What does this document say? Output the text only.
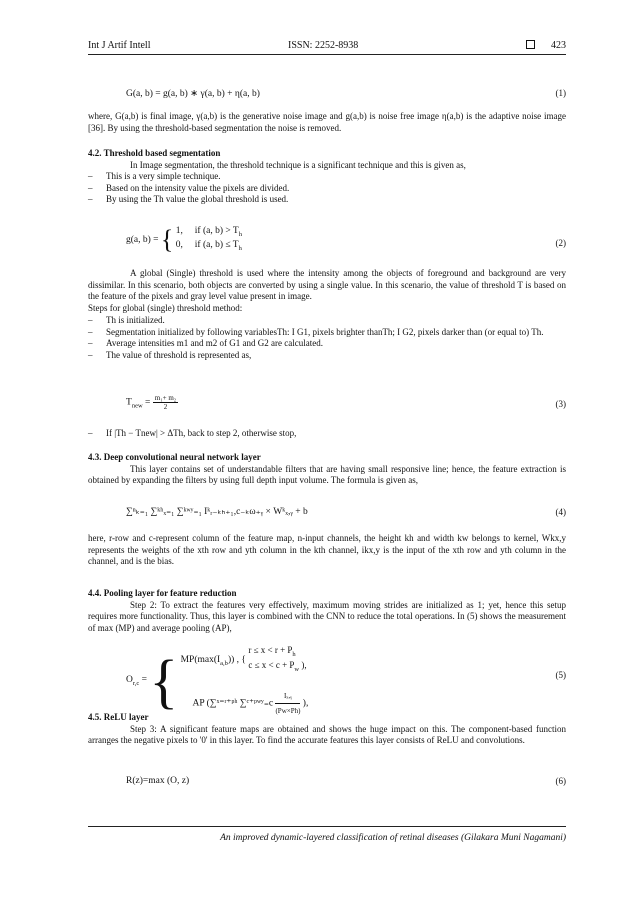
Int J Artif Intell	ISSN: 2252-8938	423
G(a, b) = g(a, b) ∗ γ(a, b) + η(a, b)	(1)
where, G(a,b) is final image, γ(a,b) is the generative noise image and g(a,b) is noise free image η(a,b) is the adaptive noise image [36]. By using the threshold-based segmentation the noise is removed.
4.2. Threshold based segmentation
In Image segmentation, the threshold technique is a significant technique and this is given as,
– This is a very simple technique.
– Based on the intensity value the pixels are divided.
– By using the Th value the global threshold is used.
g(a, b) = { 1, if (a, $b) > T_h$
0, if (a, $b) \le T_h$
(2)
A global (Single) threshold is used where the intensity among the objects of foreground and background are very dissimilar. In this scenario, both objects are converted by using a single value. In this scenario, the value of threshold T is based on the feature of the pixels and gray level value present in image.
Steps for global (single) threshold method:
– Th is initialized.
– Segmentation initialized by following variablesTh: I G1, pixels brighter thanTh; I G2, pixels darker than (or equal to) Th.
– Average intensities m1 and m2 of G1 and G2 are calculated.
– The value of threshold is represented as,
$T_{new} = \frac{\text{m₁+ m₂}}{2}$	(3)
– If |Th − Tnew| > ΔTh, back to step 2, otherwise stop,
4.3. Deep convolutional neural network layer
This layer contains set of understandable filters that are having small responsive line; hence, the feature extraction is obtained by expanding the filters by using full depth input volume. The formula is given as,
∑ⁿₖ₌₁ ∑ᵏʰₓ₌₁ ∑ᵏʷʸ₌₁ Iᵏᵣ₋ₖₕ₊₁,c₋ₖω₊ᵧ × Wᵏₓ,ᵧ + b	(4)
here, r-row and c-represent column of the feature map, n-input channels, the height kh and width kw belongs to kernel, Wkx,y represents the weights of the xth row and yth column in the kth channel, ikx,y is the input of the xth row and yth column in the channel, and is the bias.
4.4. Pooling layer for feature reduction
Step 2: To extract the features very effectively, maximum moving strides are initialized as 1; yet, hence this setup requires more functionality. Thus, this layer is combined with the CNN to reduce the total operations. In (5) shows the measurement of max (MP) and average pooling (AP),
$O_{r,c}$ = { $MP(\max(I_{a,b}))$ , { $r \le x < r + P_h$
$c \le x < c + P_w$ ),

AP (∑ˣ⁼ʳ⁺ᵖʰ ∑ᶜ⁺ᵖʷʸ₌c $\frac{\text{Iₓ,ᵧ}}{(Pw\times Ph)}$ ),
(5)
4.5. ReLU layer
Step 3: A significant feature maps are obtained and shows the huge impact on this. The component-based function arranges the negative pixels to '0' in this layer. To find the accurate features this layer consists of ReLU and convolutions.
R(z)=max (O, z)	(6)
An improved dynamic-layered classification of retinal diseases (Gilakara Muni Nagamani)
